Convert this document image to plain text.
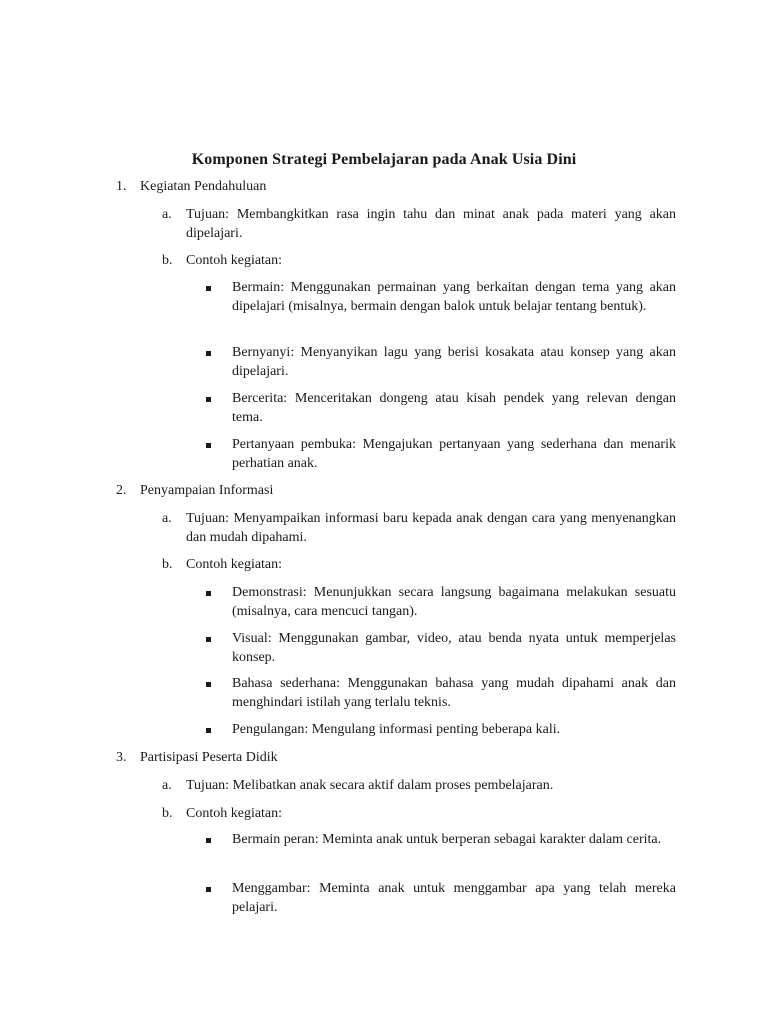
Komponen Strategi Pembelajaran pada Anak Usia Dini
1. Kegiatan Pendahuluan
a.	Tujuan: Membangkitkan rasa ingin tahu dan minat anak pada materi yang akan dipelajari.
b. Contoh kegiatan:
Bermain: Menggunakan permainan yang berkaitan dengan tema yang akan dipelajari (misalnya, bermain dengan balok untuk belajar tentang bentuk).
Bernyanyi: Menyanyikan lagu yang berisi kosakata atau konsep yang akan dipelajari.
Bercerita: Menceritakan dongeng atau kisah pendek yang relevan dengan tema.
Pertanyaan pembuka: Mengajukan pertanyaan yang sederhana dan menarik perhatian anak.
2. Penyampaian Informasi
a.	Tujuan: Menyampaikan informasi baru kepada anak dengan cara yang menyenangkan dan mudah dipahami.
b. Contoh kegiatan:
Demonstrasi: Menunjukkan secara langsung bagaimana melakukan sesuatu (misalnya, cara mencuci tangan).
Visual: Menggunakan gambar, video, atau benda nyata untuk memperjelas konsep.
Bahasa sederhana: Menggunakan bahasa yang mudah dipahami anak dan menghindari istilah yang terlalu teknis.
Pengulangan: Mengulang informasi penting beberapa kali.
3. Partisipasi Peserta Didik
a.	Tujuan: Melibatkan anak secara aktif dalam proses pembelajaran.
b. Contoh kegiatan:
Bermain peran: Meminta anak untuk berperan sebagai karakter dalam cerita.
Menggambar: Meminta anak untuk menggambar apa yang telah mereka pelajari.
